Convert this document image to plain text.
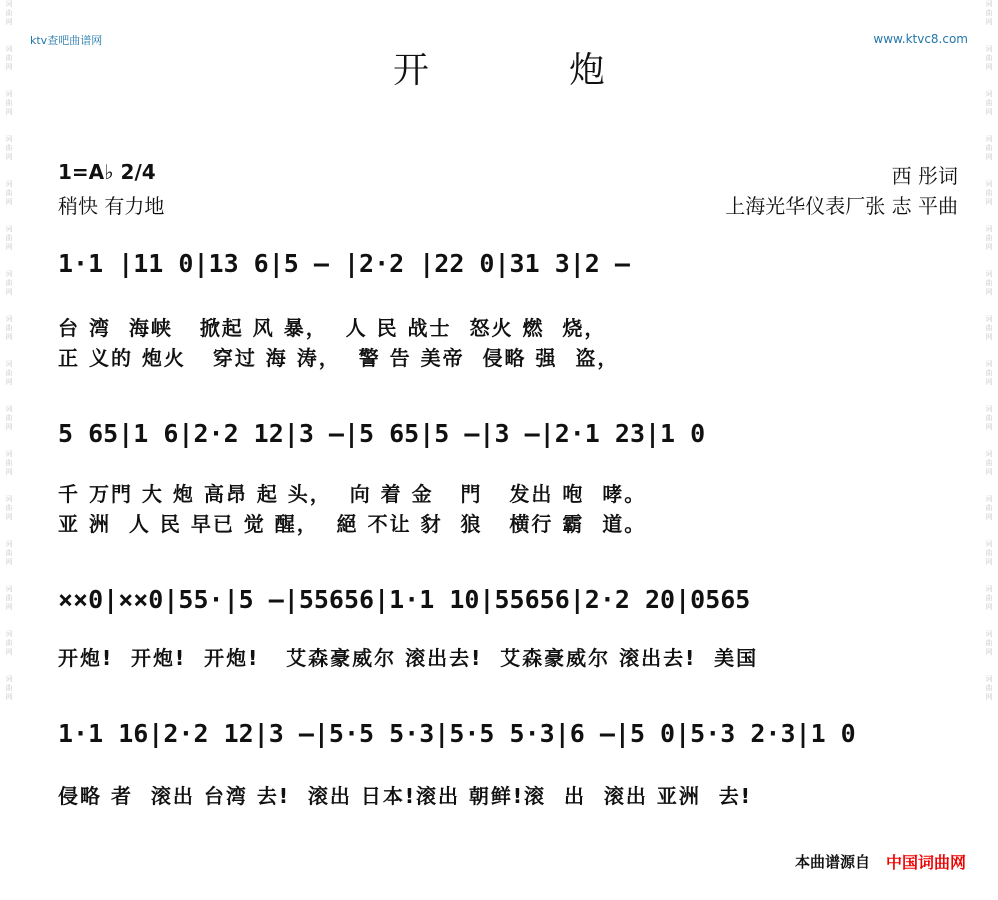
词
曲
网

词
曲
网

词
曲
网

词
曲
网

词
曲
网

词
曲
网

词
曲
网

词
曲
网

词
曲
网

词
曲
网

词
曲
网

词
曲
网

词
曲
网

词
曲
网

词
曲
网

词
曲
网
词
曲
网

词
曲
网

词
曲
网

词
曲
网

词
曲
网

词
曲
网

词
曲
网

词
曲
网

词
曲
网

词
曲
网

词
曲
网

词
曲
网

词
曲
网

词
曲
网

词
曲
网

词
曲
网
ktv查吧曲谱网	www.ktvc8.com
开炮
1=A♭ 2/4
稍快 有力地
西 彤词
上海光华仪表厂张 志 平曲
1·1 |11 0|13 6|5 — |2·2 |22 0|31 3|2 —
台 湾  海峡   掀起 风 暴，  人 民 战士  怒火 燃  烧，
正 义的 炮火   穿过 海 涛，  警 告 美帝  侵略 强  盗，
5 65|1 6|2·2 12|3 —|5 65|5 —|3 —|2·1 23|1 0
千 万門 大 炮 高昂 起 头，  向 着 金   門   发出 咆  哮。
亚 洲  人 民 早已 觉 醒，  絕 不让 豺  狼   横行 霸  道。
××0|××0|55·|5 —|55656|1·1 10|55656|2·2 20|0565
开炮!  开炮!  开炮!   艾森豪威尔 滚出去!  艾森豪威尔 滚出去!  美国
1·1 16|2·2 12|3 —|5·5 5·3|5·5 5·3|6 —|5 0|5·3 2·3|1 0
侵略 者  滚出 台湾 去!  滚出 日本!滚出 朝鲜!滚  出  滚出 亚洲  去!
本曲谱源自 中国词曲网
